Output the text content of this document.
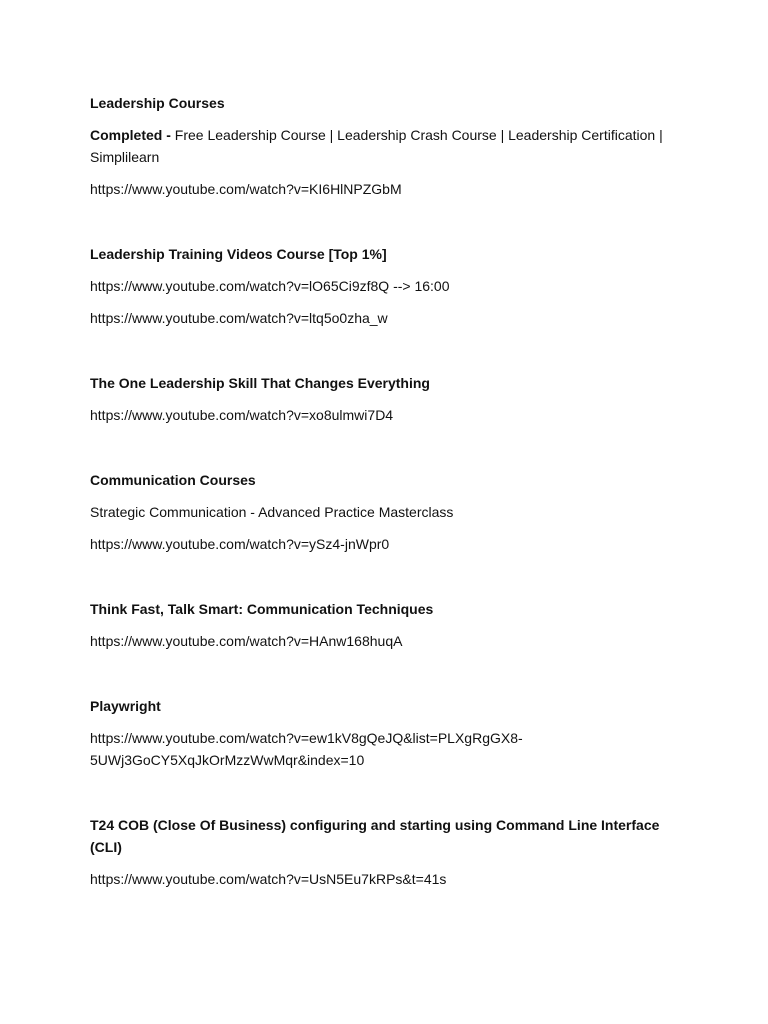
Leadership Courses
Completed - Free Leadership Course | Leadership Crash Course | Leadership Certification | Simplilearn
https://www.youtube.com/watch?v=KI6HlNPZGbM
Leadership Training Videos Course [Top 1%]
https://www.youtube.com/watch?v=lO65Ci9zf8Q --> 16:00
https://www.youtube.com/watch?v=ltq5o0zha_w
The One Leadership Skill That Changes Everything
https://www.youtube.com/watch?v=xo8ulmwi7D4
Communication Courses
Strategic Communication - Advanced Practice Masterclass
https://www.youtube.com/watch?v=ySz4-jnWpr0
Think Fast, Talk Smart: Communication Techniques
https://www.youtube.com/watch?v=HAnw168huqA
Playwright
https://www.youtube.com/watch?v=ew1kV8gQeJQ&list=PLXgRgGX8-5UWj3GoCY5XqJkOrMzzWwMqr&index=10
T24 COB (Close Of Business) configuring and starting using Command Line Interface (CLI)
https://www.youtube.com/watch?v=UsN5Eu7kRPs&t=41s
